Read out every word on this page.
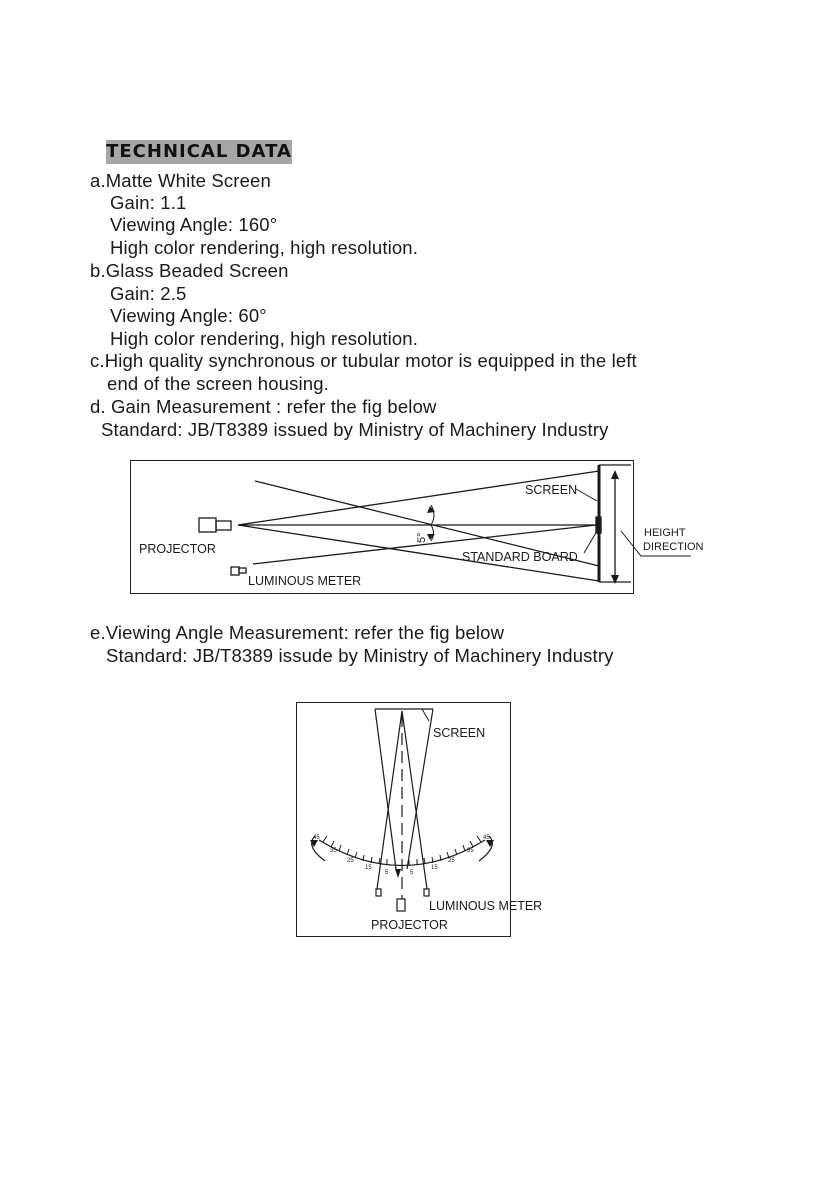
TECHNICAL DATA
a.Matte White Screen
Gain: 1.1
Viewing Angle: 160°
High color rendering, high resolution.
b.Glass Beaded Screen
Gain: 2.5
Viewing Angle: 60°
High color rendering, high resolution.
c.High quality synchronous or tubular motor is equipped in the left
end of the screen housing.
d. Gain Measurement : refer the fig below
Standard: JB/T8389 issued by Ministry of Machinery Industry
SCREEN
PROJECTOR
LUMINOUS METER
STANDARD BOARD
5°	HEIGHT
DIRECTION
e.Viewing Angle Measurement: refer the fig below
Standard: JB/T8389 issude by Ministry of Machinery Industry
45
35
25
15
5	5
15
25
35
45
SCREEN
LUMINOUS METER
PROJECTOR
